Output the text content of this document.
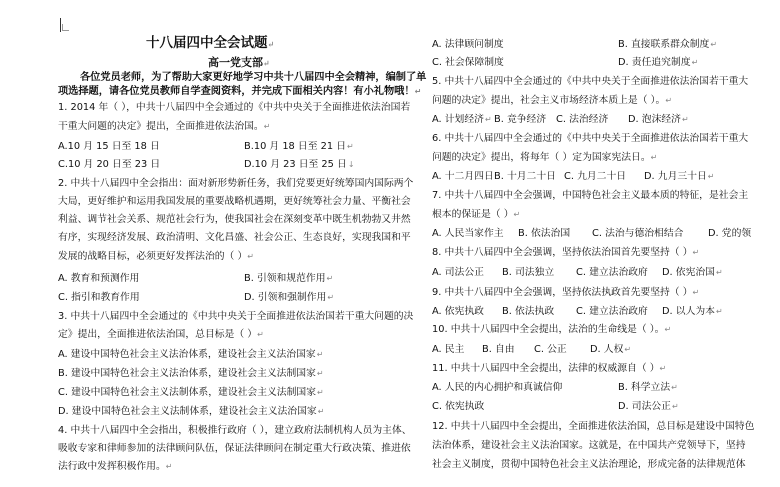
十八届四中全会试题↵
高一党支部↵
各位党员老师，为了帮助大家更好地学习中共十八届四中全会精神，编制了单
项选择题，请各位党员教师自学查阅资料，并完成下面相关内容！有小礼物哦！↵
1. 2014 年（ ），中共十八届四中全会通过的《中共中央关于全面推进依法治国若
干重大问题的决定》提出，全面推进依法治国。↵
A.10 月 15 日至 18 日	B.10 月 18 日至 21 日↵
C.10 月 20 日至 23 日	D.10 月 23 日至 25 日↓
2. 中共十八届四中全会指出：面对新形势新任务，我们党要更好统筹国内国际两个
大局，更好维护和运用我国发展的重要战略机遇期，更好统筹社会力量、平衡社会
利益、调节社会关系、规范社会行为，使我国社会在深刻变革中既生机勃勃又井然
有序，实现经济发展、政治清明、文化昌盛、社会公正、生态良好，实现我国和平
发展的战略目标，必须更好发挥法治的（ ）↵
A. 教育和预测作用	B. 引领和规范作用↵
C. 指引和教育作用	D. 引领和强制作用↵
3. 中共十八届四中全会通过的《中共中央关于全面推进依法治国若干重大问题的决
定》提出，全面推进依法治国，总目标是（ ）↵
A. 建设中国特色社会主义法治体系，建设社会主义法治国家↵
B. 建设中国特色社会主义法治体系，建设社会主义法制国家↵
C. 建设中国特色社会主义法制体系，建设社会主义法制国家↵
D. 建设中国特色社会主义法制体系，建设社会主义法治国家↵
4. 中共十八届四中全会指出，积极推行政府（ ），建立政府法制机构人员为主体、
吸收专家和律师参加的法律顾问队伍，保证法律顾问在制定重大行政决策、推进依
法行政中发挥积极作用。↵
A. 法律顾问制度	B. 直接联系群众制度↵
C. 社会保障制度	D. 责任追究制度↵
5. 中共十八届四中全会通过的《中共中央关于全面推进依法治国若干重大
问题的决定》提出，社会主义市场经济本质上是（ ）。↵
A. 计划经济↵ B. 竞争经济 C. 法治经济 D. 泡沫经济↵
6. 中共十八届四中全会通过的《中共中央关于全面推进依法治国若干重大
问题的决定》提出，将每年（ ）定为国家宪法日。↵
A. 十二月四日 B. 十月二十日 C. 九月二十日 D. 九月三十日↵
7. 中共十八届四中全会强调，中国特色社会主义最本质的特征，是社会主
根本的保证是（ ）↵
A. 人民当家作主 B. 依法治国 C. 法治与德治相结合	D. 党的领
8. 中共十八届四中全会强调，坚持依法治国首先要坚持（ ）↵
A. 司法公正 B. 司法独立 C. 建立法治政府 D. 依宪治国↵
9. 中共十八届四中全会强调，坚持依法执政首先要坚持（ ）↵
A. 依宪执政 B. 依法执政 C. 建立法治政府 D. 以人为本↵
10. 中共十八届四中全会提出，法治的生命线是（ ）。↵
A. 民主 B. 自由 C. 公正 D. 人权↵
11. 中共十八届四中全会提出，法律的权威源自（ ）↵
A. 人民的内心拥护和真诚信仰	B. 科学立法↵
C. 依宪执政	D. 司法公正↵
12. 中共十八届四中全会提出，全面推进依法治国，总目标是建设中国特色
法治体系，建设社会主义法治国家。这就是，在中国共产党领导下，坚持
社会主义制度，贯彻中国特色社会主义法治理论，形成完备的法律规范体
